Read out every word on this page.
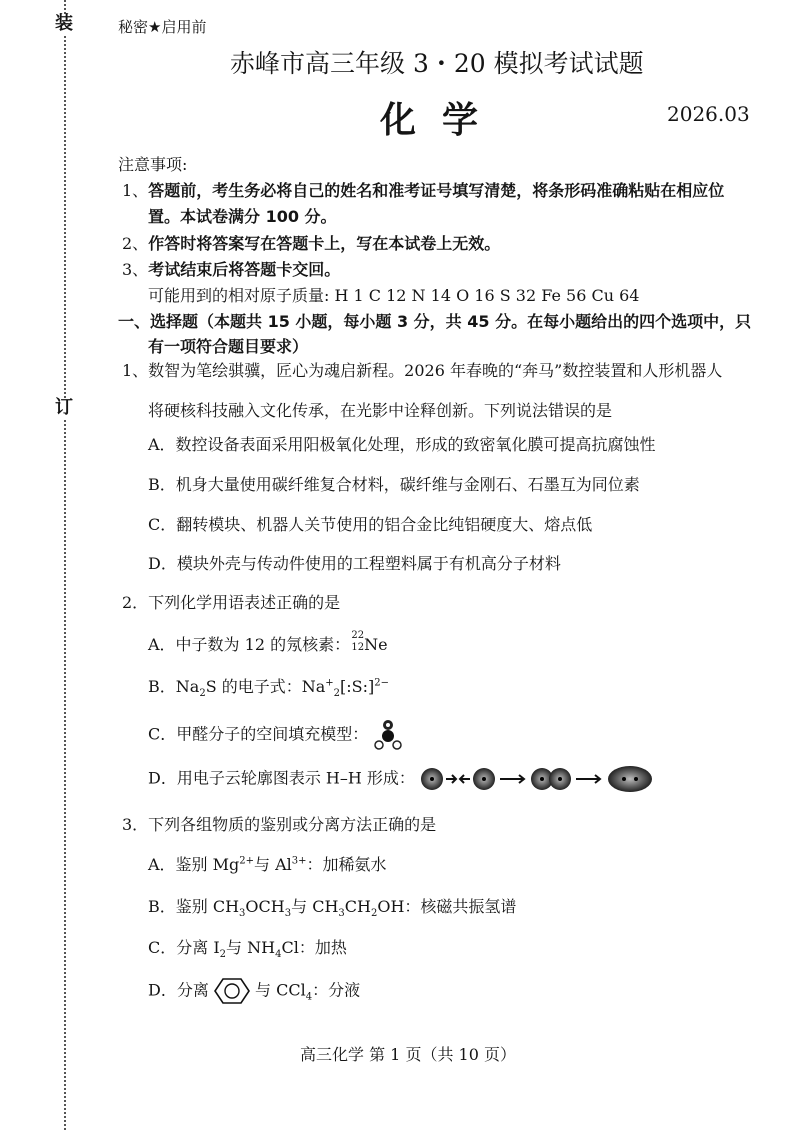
装
订
秘密★启用前
赤峰市高三年级 3・20 模拟考试试题
化学	2026.03
注意事项:
1、答题前，考生务必将自己的姓名和准考证号填写清楚，将条形码准确粘贴在相应位
置。本试卷满分 100 分。
2、作答时将答案写在答题卡上，写在本试卷上无效。
3、考试结束后将答题卡交回。
可能用到的相对原子质量: H 1 C 12 N 14 O 16 S 32 Fe 56 Cu 64
一、选择题（本题共 15 小题，每小题 3 分，共 45 分。在每小题给出的四个选项中，只
有一项符合题目要求）
1、数智为笔绘骐骥，匠心为魂启新程。2026 年春晚的“奔马”数控装置和人形机器人
将硬核科技融入文化传承，在光影中诠释创新。下列说法错误的是
A．数控设备表面采用阳极氧化处理，形成的致密氧化膜可提高抗腐蚀性
B．机身大量使用碳纤维复合材料，碳纤维与金刚石、石墨互为同位素
C．翻转模块、机器人关节使用的铝合金比纯铝硬度大、熔点低
D．模块外壳与传动件使用的工程塑料属于有机高分子材料
2．下列化学用语表述正确的是
A．中子数为 12 的氖核素： 22
12 Ne
B．$Na_2S$ 的电子式：$Na^+_2[:S:]^{2-}$
C．甲醛分子的空间填充模型：
D．用电子云轮廓图表示 H–H 形成：
3．下列各组物质的鉴别或分离方法正确的是
A．鉴别 $Mg^{2+}$与 $Al^{3+}$：加稀氨水
B．鉴别 $CH_3OCH_3$与 $CH_3CH_2OH$：核磁共振氢谱
C．分离 $I_2$与 $NH_4Cl$：加热
D．分离	与 CCl$_4$：分液
高三化学 第 1 页（共 10 页）
